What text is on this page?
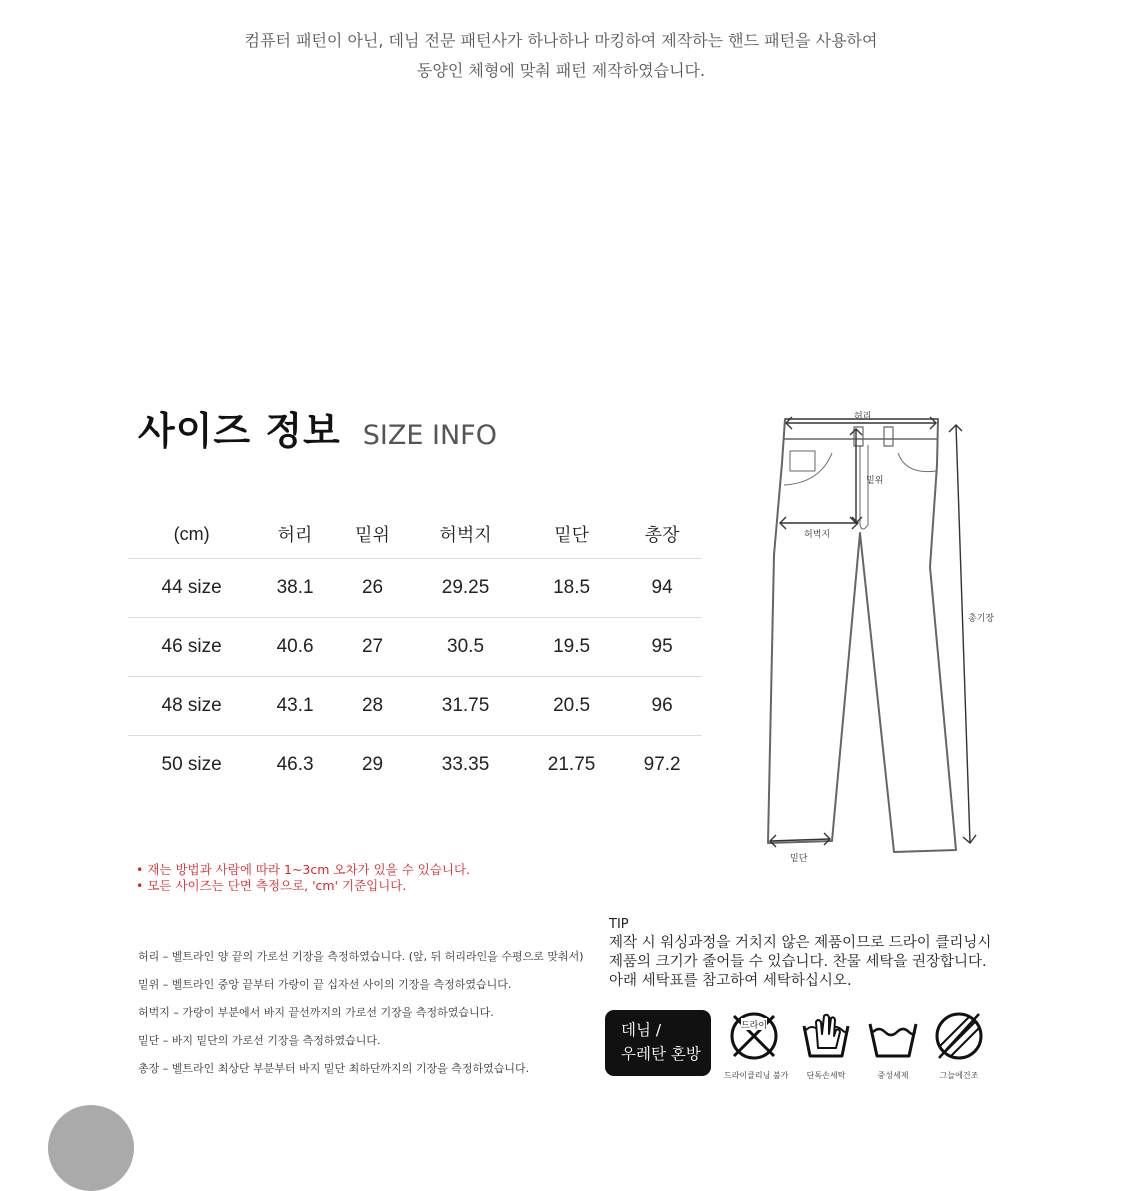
컴퓨터 패턴이 아닌, 데님 전문 패턴사가 하나하나 마킹하여 제작하는 핸드 패턴을 사용하여
동양인 체형에 맞춰 패턴 제작하였습니다.
사이즈 정보 SIZE INFO
(cm)	허리	밑위	허벅지	밑단	총장
44 size	38.1	26	29.25	18.5	94
46 size	40.6	27	30.5	19.5	95
48 size	43.1	28	31.75	20.5	96
50 size	46.3	29	33.35	21.75	97.2
허리
밑위
허벅지
총기장
밑단
• 재는 방법과 사람에 따라 1~3cm 오차가 있을 수 있습니다.
• 모든 사이즈는 단면 측정으로, 'cm' 기준입니다.
허리 – 벨트라인 양 끝의 가로선 기장을 측정하였습니다. (앞, 뒤 허리라인을 수평으로 맞춰서)
밑위 – 벨트라인 중앙 끝부터 가랑이 끝 십자선 사이의 기장을 측정하였습니다.
허벅지 – 가랑이 부분에서 바지 끝선까지의 가로선 기장을 측정하였습니다.
밑단 – 바지 밑단의 가로선 기장을 측정하였습니다.
총장 – 벨트라인 최상단 부분부터 바지 밑단 최하단까지의 기장을 측정하였습니다.
TIP
제작 시 워싱과정을 거치지 않은 제품이므로 드라이 클리닝시
제품의 크기가 줄어들 수 있습니다. 찬물 세탁을 권장합니다.
아래 세탁표를 참고하여 세탁하십시오.
데님 /
우레탄 혼방
드라이
드라이클리닝 불가	단독손세탁	중성세제	그늘에건조
